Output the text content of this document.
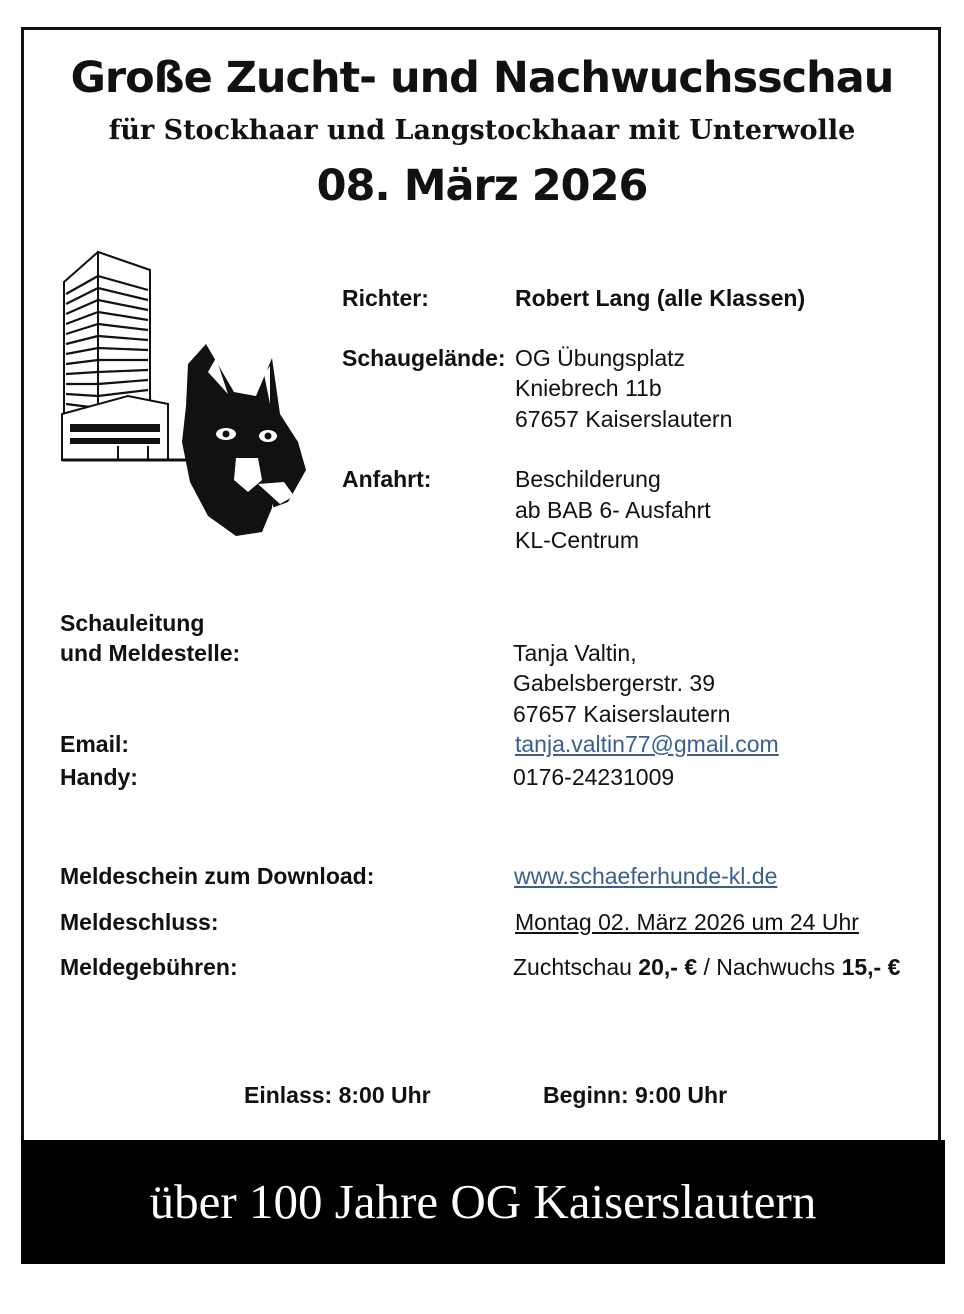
Große Zucht- und Nachwuchsschau
für Stockhaar und Langstockhaar mit Unterwolle
08. März 2026
Richter:	Robert Lang (alle Klassen)
Schaugelände: OG Übungsplatz
Kniebrech 11b
67657 Kaiserslautern
Anfahrt:	Beschilderung
ab BAB 6- Ausfahrt
KL-Centrum
Schauleitung
und Meldestelle:	Tanja Valtin,
Gabelsbergerstr. 39
67657 Kaiserslautern
Email:	tanja.valtin77@gmail.com
Handy:	0176-24231009
Meldeschein zum Download:	www.schaeferhunde-kl.de
Meldeschluss:	Montag 02. März 2026 um 24 Uhr
Meldegebühren:	Zuchtschau 20,- € / Nachwuchs 15,- €
Einlass: 8:00 Uhr	Beginn: 9:00 Uhr
über 100 Jahre OG Kaiserslautern
